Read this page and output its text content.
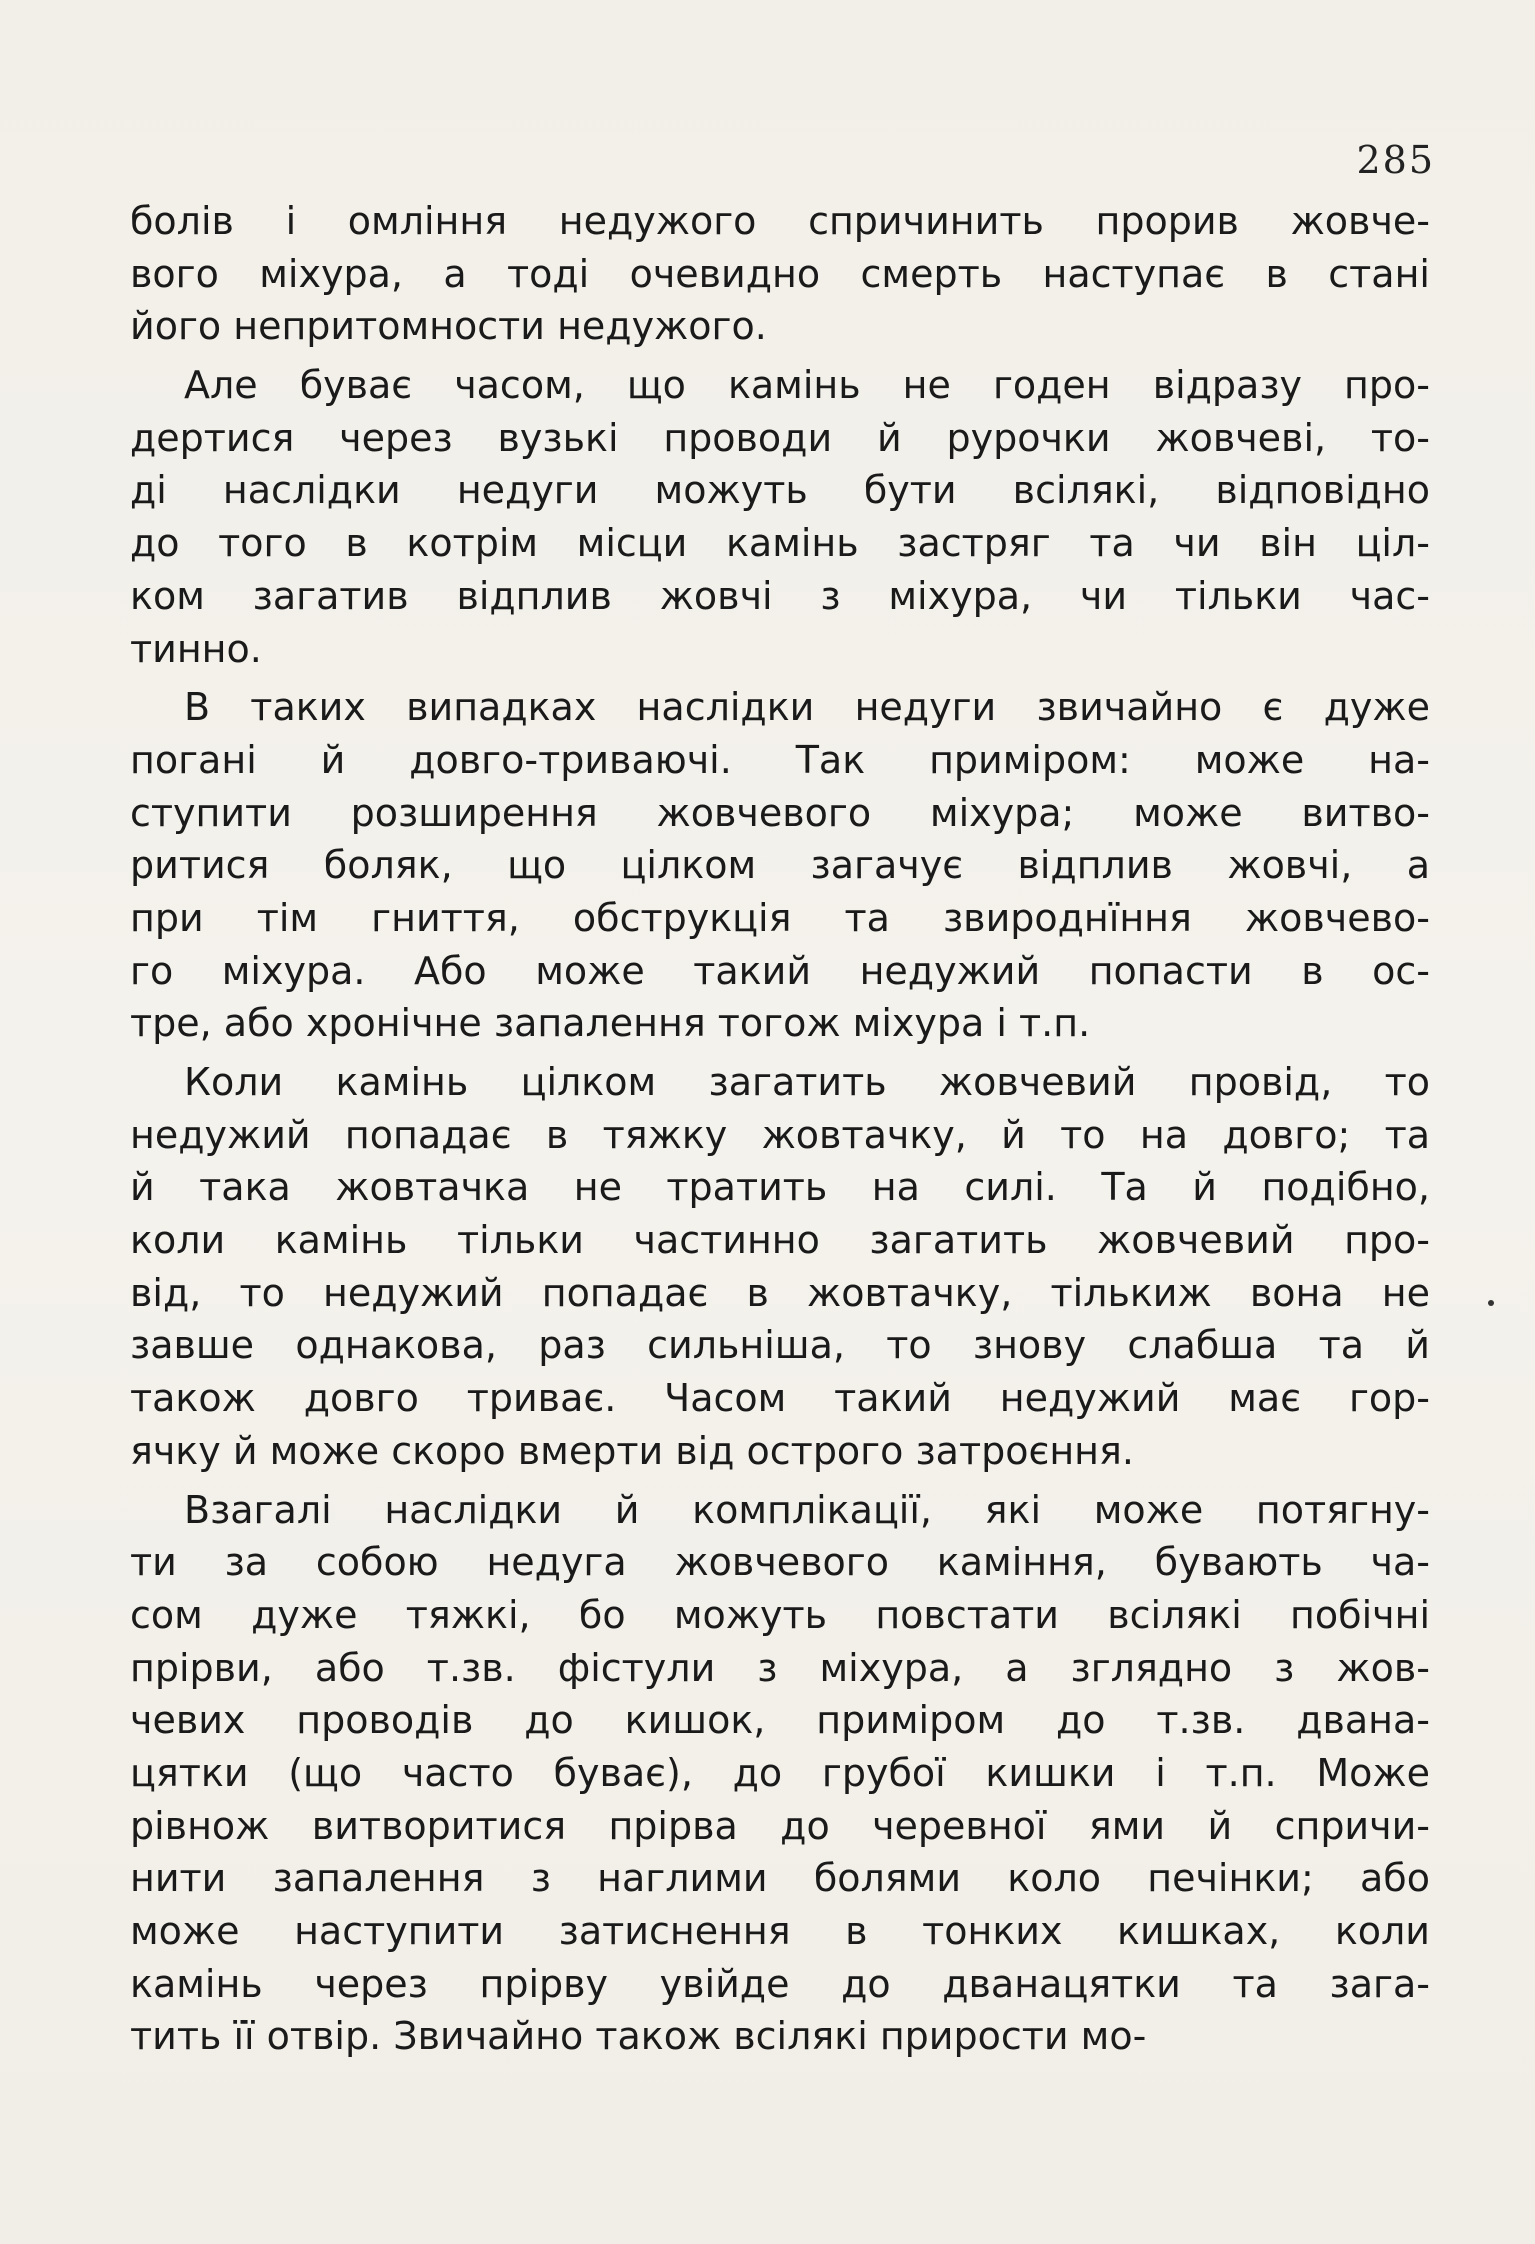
285
болів і омління недужого спричинить прорив жовче-
вого міхура, а тоді очевидно смерть наступає в стані
його непритомности недужого.
Але буває часом, що камінь не годен відразу про-
дертися через вузькі проводи й рурочки жовчеві, то-
ді наслідки недуги можуть бути всілякі, відповідно
до того в котрім місци камінь застряг та чи він ціл-
ком загатив відплив жовчі з міхура, чи тільки час-
тинно.
В таких випадках наслідки недуги звичайно є дуже
погані й довго-триваючі. Так приміром: може на-
ступити розширення жовчевого міхура; може витво-
ритися боляк, що цілком загачує відплив жовчі, а
при тім гниття, обструкція та звироднїння жовчево-
го міхура. Або може такий недужий попасти в ос-
тре, або хронічне запалення тогож міхура і т.п.
Коли камінь цілком загатить жовчевий провід, то
недужий попадає в тяжку жовтачку, й то на довго; та
й така жовтачка не тратить на силі. Та й подібно,
коли камінь тільки частинно загатить жовчевий про-
від, то недужий попадає в жовтачку, тількиж вона не
завше однакова, раз сильніша, то знову слабша та й
також довго триває. Часом такий недужий має гор-
ячку й може скоро вмерти від острого затроєння.
Взагалі наслідки й комплікації, які може потягну-
ти за собою недуга жовчевого каміння, бувають ча-
сом дуже тяжкі, бо можуть повстати всілякі побічні
прірви, або т.зв. фістули з міхура, а зглядно з жов-
чевих проводів до кишок, приміром до т.зв. двана-
цятки (що часто буває), до грубої кишки і т.п. Може
рівнож витворитися прірва до черевної ями й спричи-
нити запалення з наглими болями коло печінки; або
може наступити затиснення в тонких кишках, коли
камінь через прірву увійде до дванацятки та зага-
тить її отвір. Звичайно також всілякі прирости мо-
